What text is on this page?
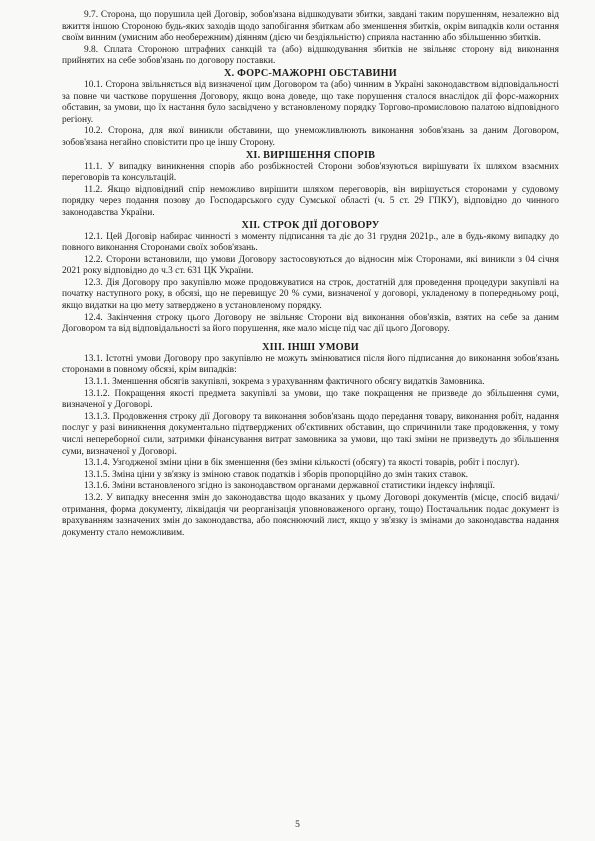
9.7. Сторона, що порушила цей Договір, зобов'язана відшкодувати збитки, завдані таким порушенням, незалежно від вжиття іншою Стороною будь-яких заходів щодо запобігання збиткам або зменшення збитків, окрім випадків коли остання своїм винним (умисним або необережним) діянням (дією чи бездіяльністю) сприяла настанню або збільшенню збитків.

9.8. Сплата Стороною штрафних санкцій та (або) відшкодування збитків не звільняє сторону від виконання прийнятих на себе зобов'язань по договору поставки.

X. ФОРС-МАЖОРНІ ОБСТАВИНИ

10.1. Сторона звільняється від визначеної цим Договором та (або) чинним в Україні законодавством відповідальності за повне чи часткове порушення Договору, якщо вона доведе, що таке порушення сталося внаслідок дії форс-мажорних обставин, за умови, що їх настання було засвідчено у встановленому порядку Торгово-промисловою палатою відповідного регіону.

10.2. Сторона, для якої виникли обставини, що унеможливлюють виконання зобов'язань за даним Договором, зобов'язана негайно сповістити про це іншу Сторону.

XI. ВИРІШЕННЯ СПОРІВ

11.1. У випадку виникнення спорів або розбіжностей Сторони зобов'язуються вирішувати їх шляхом взаємних переговорів та консультацій.

11.2. Якщо відповідний спір неможливо вирішити шляхом переговорів, він вирішується сторонами у судовому порядку через подання позову до Господарського суду Сумської області (ч. 5 ст. 29 ГПКУ), відповідно до чинного законодавства України.

XII. СТРОК ДІЇ ДОГОВОРУ

12.1. Цей Договір набирає чинності з моменту підписання та діє до 31 грудня 2021р., але в будь-якому випадку до повного виконання Сторонами своїх зобов'язань.

12.2. Сторони встановили, що умови Договору застосовуються до відносин між Сторонами, які виникли з 04 січня 2021 року відповідно до ч.3 ст. 631 ЦК України.

12.3. Дія Договору про закупівлю може продовжуватися на строк, достатній для проведення процедури закупівлі на початку наступного року, в обсязі, що не перевищує 20 % суми, визначеної у договорі, укладеному в попередньому році, якщо видатки на цю мету затверджено в установленому порядку.

12.4. Закінчення строку цього Договору не звільняє Сторони від виконання обов'язків, взятих на себе за даним Договором та від відповідальності за його порушення, яке мало місце під час дії цього Договору.

XIII. ІНШІ УМОВИ

13.1. Істотні умови Договору про закупівлю не можуть змінюватися після його підписання до виконання зобов'язань сторонами в повному обсязі, крім випадків:

13.1.1. Зменшення обсягів закупівлі, зокрема з урахуванням фактичного обсягу видатків Замовника.

13.1.2. Покращення якості предмета закупівлі за умови, що таке покращення не призведе до збільшення суми, визначеної у Договорі.

13.1.3. Продовження строку дії Договору та виконання зобов'язань щодо передання товару, виконання робіт, надання послуг у разі виникнення документально підтверджених об'єктивних обставин, що спричинили таке продовження, у тому числі непереборної сили, затримки фінансування витрат замовника за умови, що такі зміни не призведуть до збільшення суми, визначеної у Договорі.

13.1.4. Узгодженої зміни ціни в бік зменшення (без зміни кількості (обсягу) та якості товарів, робіт і послуг).

13.1.5. Зміна ціни у зв'язку із зміною ставок податків і зборів пропорційно до змін таких ставок.

13.1.6. Зміни встановленого згідно із законодавством органами державної статистики індексу інфляції.

13.2. У випадку внесення змін до законодавства щодо вказаних у цьому Договорі документів (місце, спосіб видачі/отримання, форма документу, ліквідація чи реорганізація уповноваженого органу, тощо) Постачальник подає документ із врахуванням зазначених змін до законодавства, або пояснюючий лист, якщо у зв'язку із змінами до законодавства надання документу стало неможливим.

5
